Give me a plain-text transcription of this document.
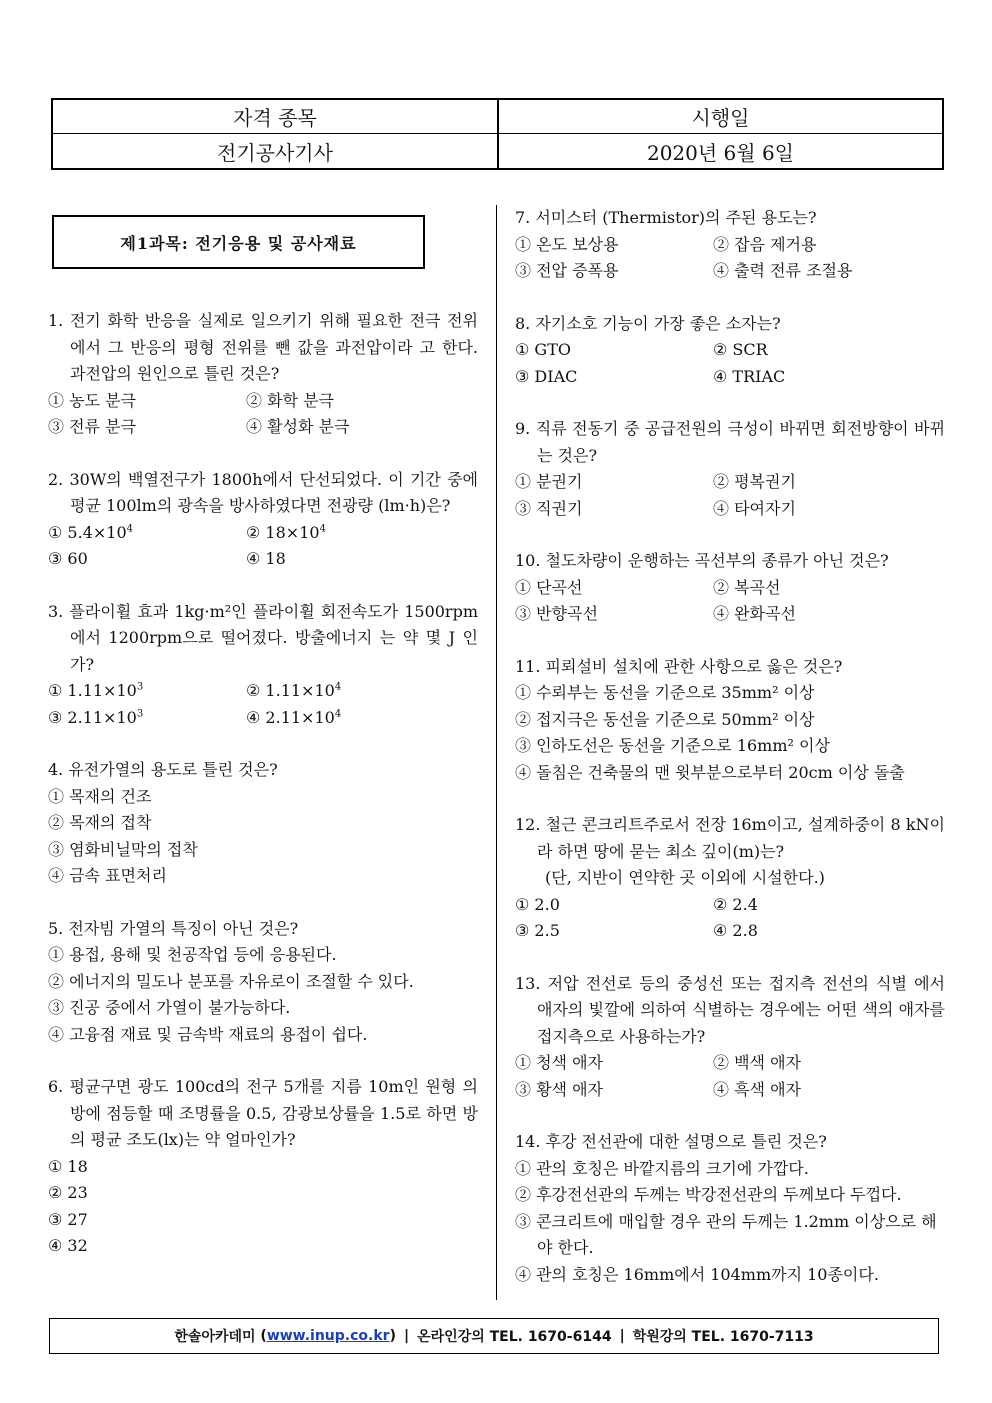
자격 종목	시행일
전기공사기사	2020년 6월 6일
제1과목: 전기응용 및 공사재료
1. 전기 화학 반응을 실제로 일으키기 위해 필요한 전극 전위에서 그 반응의 평형 전위를 뺀 값을 과전압이라 고 한다. 과전압의 원인으로 틀린 것은?
① 농도 분극	② 화학 분극
③ 전류 분극	④ 활성화 분극
2. 30W의 백열전구가 1800h에서 단선되었다. 이 기간 중에 평균 100lm의 광속을 방사하였다면 전광량 (lm·h)은?
① $5.4\times 10^4$	② $18\times 10^4$
③ 60	④ 18
3. 플라이휠 효과 1kg·m²인 플라이휠 회전속도가 1500rpm에서 1200rpm으로 떨어졌다. 방출에너지 는 약 몇 J 인가?
① $1.11\times 10^3$	② $1.11\times 10^4$
③ $2.11\times 10^3$	④ $2.11\times 10^4$
4. 유전가열의 용도로 틀린 것은?
① 목재의 건조
② 목재의 접착
③ 염화비닐막의 접착
④ 금속 표면처리
5. 전자빔 가열의 특징이 아닌 것은?
① 용접, 용해 및 천공작업 등에 응용된다.
② 에너지의 밀도나 분포를 자유로이 조절할 수 있다.
③ 진공 중에서 가열이 불가능하다.
④ 고융점 재료 및 금속박 재료의 용접이 쉽다.
6. 평균구면 광도 100cd의 전구 5개를 지름 10m인 원형 의 방에 점등할 때 조명률을 0.5, 감광보상률을 1.5로 하면 방의 평균 조도(lx)는 약 얼마인가?
① 18
② 23
③ 27
④ 32
7. 서미스터 (Thermistor)의 주된 용도는?
① 온도 보상용	② 잡음 제거용
③ 전압 증폭용	④ 출력 전류 조절용
8. 자기소호 기능이 가장 좋은 소자는?
① GTO	② SCR
③ DIAC	④ TRIAC
9. 직류 전동기 중 공급전원의 극성이 바뀌면 회전방향이 바뀌는 것은?
① 분권기	② 평복권기
③ 직권기	④ 타여자기
10. 철도차량이 운행하는 곡선부의 종류가 아닌 것은?
① 단곡선	② 복곡선
③ 반향곡선	④ 완화곡선
11. 피뢰설비 설치에 관한 사항으로 옳은 것은?
① 수뢰부는 동선을 기준으로 35mm² 이상
② 접지극은 동선을 기준으로 50mm² 이상
③ 인하도선은 동선을 기준으로 16mm² 이상
④ 돌침은 건축물의 맨 윗부분으로부터 20cm 이상 돌출
12. 철근 콘크리트주로서 전장 16m이고, 설계하중이 8 kN이라 하면 땅에 묻는 최소 깊이(m)는?
(단, 지반이 연약한 곳 이외에 시설한다.)
① 2.0	② 2.4
③ 2.5	④ 2.8
13. 저압 전선로 등의 중성선 또는 접지측 전선의 식별 에서 애자의 빛깔에 의하여 식별하는 경우에는 어떤 색의 애자를 접지측으로 사용하는가?
① 청색 애자	② 백색 애자
③ 황색 애자	④ 흑색 애자
14. 후강 전선관에 대한 설명으로 틀린 것은?
① 관의 호칭은 바깥지름의 크기에 가깝다.
② 후강전선관의 두께는 박강전선관의 두께보다 두껍다.
③ 콘크리트에 매입할 경우 관의 두께는 1.2mm 이상으로 해야 한다.
④ 관의 호칭은 16mm에서 104mm까지 10종이다.
한솔아카데미 ( www.inup.co.kr ) | 온라인강의 TEL. 1670-6144 | 학원강의 TEL. 1670-7113
